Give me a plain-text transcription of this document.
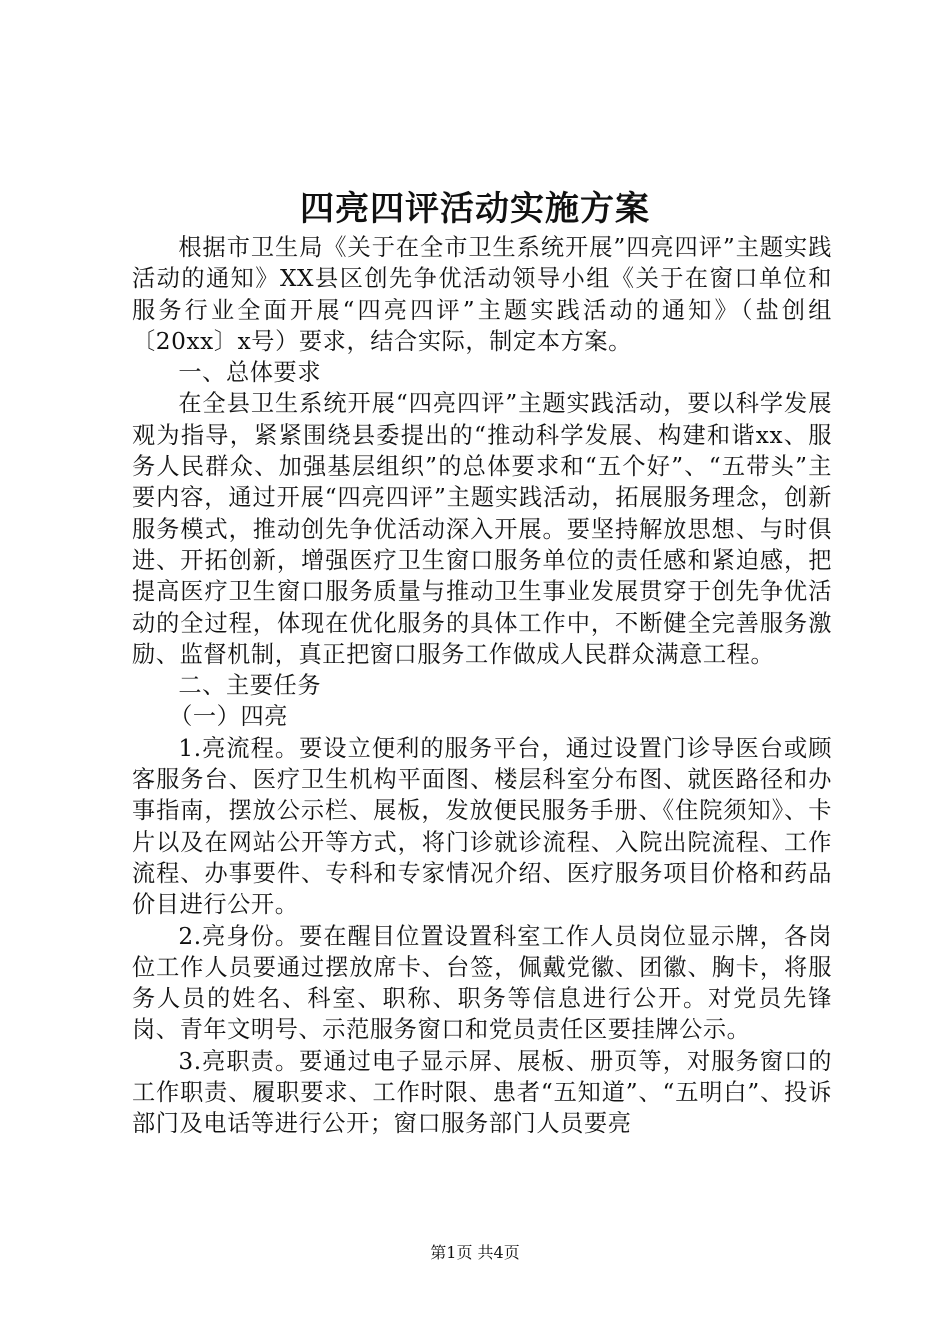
四亮四评活动实施方案

根据市卫生局《关于在全市卫生系统开展”四亮四评”主题实践活动的通知》XX县区创先争优活动领导小组《关于在窗口单位和服务行业全面开展“四亮四评”主题实践活动的通知》（盐创组〔20xx〕x号）要求，结合实际，制定本方案。

一、总体要求

在全县卫生系统开展“四亮四评”主题实践活动，要以科学发展观为指导，紧紧围绕县委提出的“推动科学发展、构建和谐xx、服务人民群众、加强基层组织”的总体要求和“五个好”、“五带头”主要内容，通过开展“四亮四评”主题实践活动，拓展服务理念，创新服务模式，推动创先争优活动深入开展。要坚持解放思想、与时俱进、开拓创新，增强医疗卫生窗口服务单位的责任感和紧迫感，把提高医疗卫生窗口服务质量与推动卫生事业发展贯穿于创先争优活动的全过程，体现在优化服务的具体工作中，不断健全完善服务激励、监督机制，真正把窗口服务工作做成人民群众满意工程。

二、主要任务

（一）四亮

1.亮流程。要设立便利的服务平台，通过设置门诊导医台或顾客服务台、医疗卫生机构平面图、楼层科室分布图、就医路径和办事指南，摆放公示栏、展板，发放便民服务手册、《住院须知》、卡片以及在网站公开等方式，将门诊就诊流程、入院出院流程、工作流程、办事要件、专科和专家情况介绍、医疗服务项目价格和药品价目进行公开。

2.亮身份。要在醒目位置设置科室工作人员岗位显示牌，各岗位工作人员要通过摆放席卡、台签，佩戴党徽、团徽、胸卡，将服务人员的姓名、科室、职称、职务等信息进行公开。对党员先锋岗、青年文明号、示范服务窗口和党员责任区要挂牌公示。

3.亮职责。要通过电子显示屏、展板、册页等，对服务窗口的工作职责、履职要求、工作时限、患者“五知道”、“五明白”、投诉部门及电话等进行公开；窗口服务部门人员要亮

第1页 共4页
